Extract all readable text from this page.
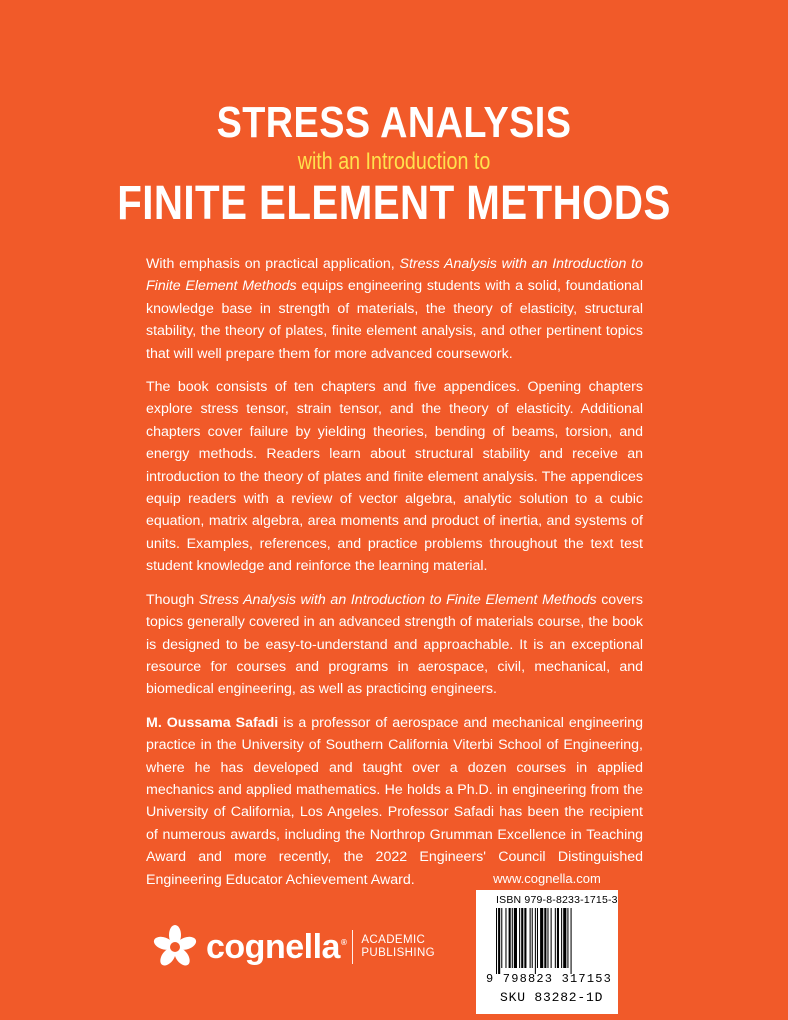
STRESS ANALYSIS
with an Introduction to
FINITE ELEMENT METHODS

With emphasis on practical application, Stress Analysis with an Introduction to Finite Element Methods equips engineering students with a solid, foundational knowledge base in strength of materials, the theory of elasticity, structural stability, the theory of plates, finite element analysis, and other pertinent topics that will well prepare them for more advanced coursework.

The book consists of ten chapters and five appendices. Opening chapters explore stress tensor, strain tensor, and the theory of elasticity. Additional chapters cover failure by yielding theories, bending of beams, torsion, and energy methods. Readers learn about structural stability and receive an introduction to the theory of plates and finite element analysis. The appendices equip readers with a review of vector algebra, analytic solution to a cubic equation, matrix algebra, area moments and product of inertia, and systems of units. Examples, references, and practice problems throughout the text test student knowledge and reinforce the learning material.

Though Stress Analysis with an Introduction to Finite Element Methods covers topics generally covered in an advanced strength of materials course, the book is designed to be easy-to-understand and approachable. It is an exceptional resource for courses and programs in aerospace, civil, mechanical, and biomedical engineering, as well as practicing engineers.

M. Oussama Safadi is a professor of aerospace and mechanical engineering practice in the University of Southern California Viterbi School of Engineering, where he has developed and taught over a dozen courses in applied mechanics and applied mathematics. He holds a Ph.D. in engineering from the University of California, Los Angeles. Professor Safadi has been the recipient of numerous awards, including the Northrop Grumman Excellence in Teaching Award and more recently, the 2022 Engineers' Council Distinguished Engineering Educator Achievement Award.

cognella® ACADEMIC
PUBLISHING
www.cognella.com
ISBN 979-8-8233-1715-3
9 798823 317153
SKU 83282-1D
